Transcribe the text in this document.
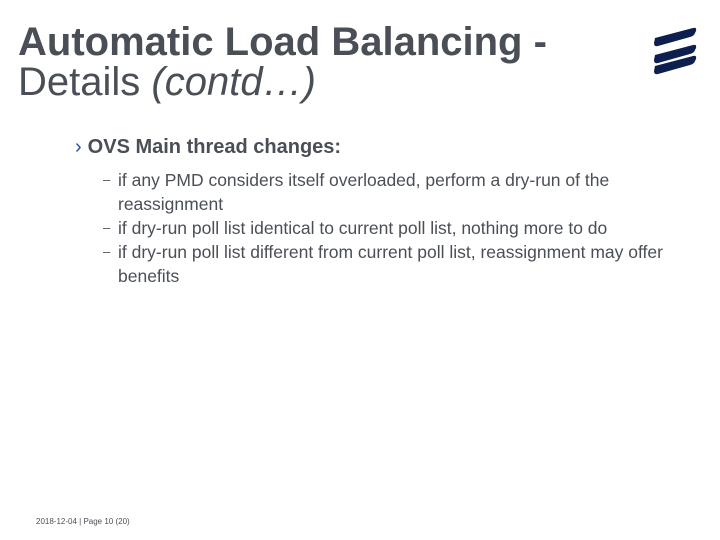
Automatic Load Balancing -
Details (contd…)
› OVS Main thread changes:
– if any PMD considers itself overloaded, perform a dry-run of the reassignment
– if dry-run poll list identical to current poll list, nothing more to do
– if dry-run poll list different from current poll list, reassignment may offer benefits
2018-12-04 | Page 10 (20)
